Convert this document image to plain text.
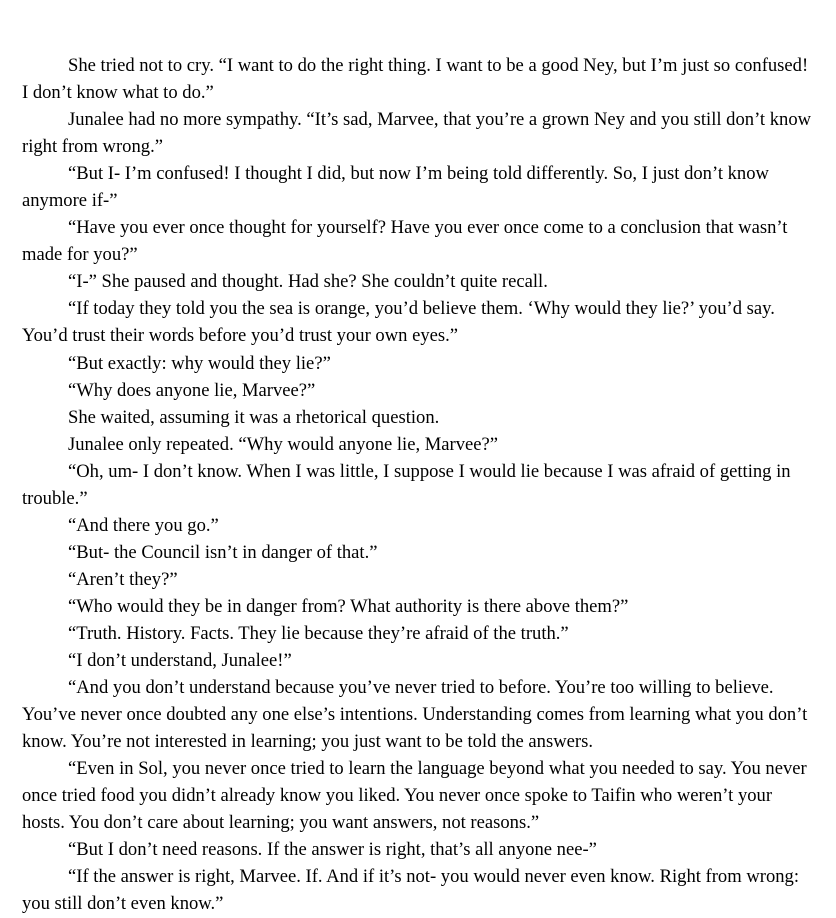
She tried not to cry. “I want to do the right thing. I want to be a good Ney, but I’m just so confused! I don’t know what to do.”

Junalee had no more sympathy. “It’s sad, Marvee, that you’re a grown Ney and you still don’t know right from wrong.”

“But I- I’m confused! I thought I did, but now I’m being told differently. So, I just don’t know anymore if-”

“Have you ever once thought for yourself? Have you ever once come to a conclusion that wasn’t made for you?”

“I-” She paused and thought. Had she? She couldn’t quite recall.

“If today they told you the sea is orange, you’d believe them. ‘Why would they lie?’ you’d say. You’d trust their words before you’d trust your own eyes.”

“But exactly: why would they lie?”

“Why does anyone lie, Marvee?”

She waited, assuming it was a rhetorical question.

Junalee only repeated. “Why would anyone lie, Marvee?”

“Oh, um- I don’t know. When I was little, I suppose I would lie because I was afraid of getting in trouble.”

“And there you go.”

“But- the Council isn’t in danger of that.”

“Aren’t they?”

“Who would they be in danger from? What authority is there above them?”

“Truth. History. Facts. They lie because they’re afraid of the truth.”

“I don’t understand, Junalee!”

“And you don’t understand because you’ve never tried to before. You’re too willing to believe. You’ve never once doubted any one else’s intentions. Understanding comes from learning what you don’t know. You’re not interested in learning; you just want to be told the answers.

“Even in Sol, you never once tried to learn the language beyond what you needed to say. You never once tried food you didn’t already know you liked. You never once spoke to Taifin who weren’t your hosts. You don’t care about learning; you want answers, not reasons.”

“But I don’t need reasons. If the answer is right, that’s all anyone nee-”

“If the answer is right, Marvee. If. And if it’s not- you would never even know. Right from wrong: you still don’t even know.”
